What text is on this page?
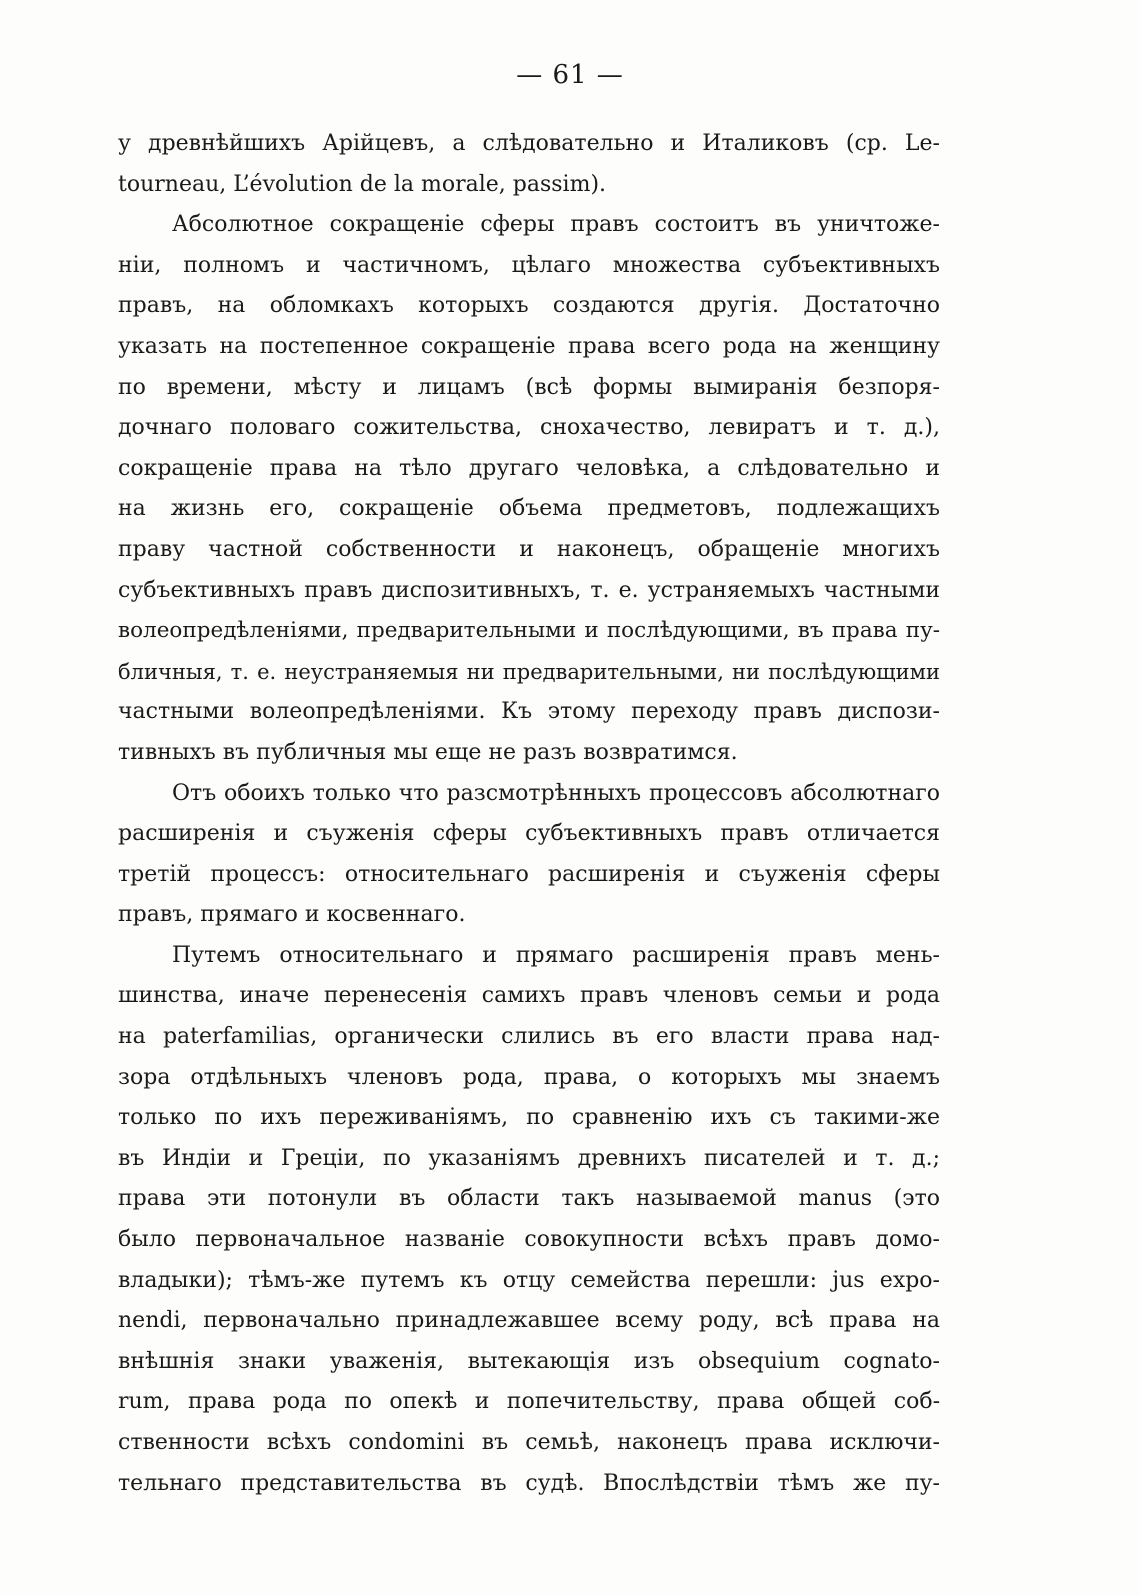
— 61 —

у древнѣйшихъ Арійцевъ, а слѣдовательно и Италиковъ (ср. Le-
tourneau, L’évolution de la morale, passim).
Абсолютное сокращеніе сферы правъ состоитъ въ уничтоже-
ніи, полномъ и частичномъ, цѣлаго множества субъективныхъ
правъ, на обломкахъ которыхъ создаются другія. Достаточно
указать на постепенное сокращеніе права всего рода на женщину
по времени, мѣсту и лицамъ (всѣ формы вымиранія безпоря-
дочнаго половаго сожительства, снохачество, левиратъ и т. д.),
сокращеніе права на тѣло другаго человѣка, а слѣдовательно и
на жизнь его, сокращеніе объема предметовъ, подлежащихъ
праву частной собственности и наконецъ, обращеніе многихъ
субъективныхъ правъ диспозитивныхъ, т. е. устраняемыхъ частными
волеопредѣленіями, предварительными и послѣдующими, въ права пу-
бличныя, т. е. неустраняемыя ни предварительными, ни послѣдующими
частными волеопредѣленіями. Къ этому переходу правъ диспози-
тивныхъ въ публичныя мы еще не разъ возвратимся.
Отъ обоихъ только что разсмотрѣнныхъ процессовъ абсолютнаго
расширенія и съуженія сферы субъективныхъ правъ отличается
третій процессъ: относительнаго расширенія и съуженія сферы
правъ, прямаго и косвеннаго.
Путемъ относительнаго и прямаго расширенія правъ мень-
шинства, иначе перенесенія самихъ правъ членовъ семьи и рода
на paterfamilias, органически слились въ его власти права над-
зора отдѣльныхъ членовъ рода, права, о которыхъ мы знаемъ
только по ихъ переживаніямъ, по сравненію ихъ съ такими-же
въ Индіи и Греціи, по указаніямъ древнихъ писателей и т. д.;
права эти потонули въ области такъ называемой manus (это
было первоначальное названіе совокупности всѣхъ правъ домо-
владыки); тѣмъ-же путемъ къ отцу семейства перешли: jus expo-
nendi, первоначально принадлежавшее всему роду, всѣ права на
внѣшнія знаки уваженія, вытекающія изъ obsequium cognato-
rum, права рода по опекѣ и попечительству, права общей соб-
ственности всѣхъ condomini въ семьѣ, наконецъ права исключи-
тельнаго представительства въ судѣ. Впослѣдствіи тѣмъ же пу-
